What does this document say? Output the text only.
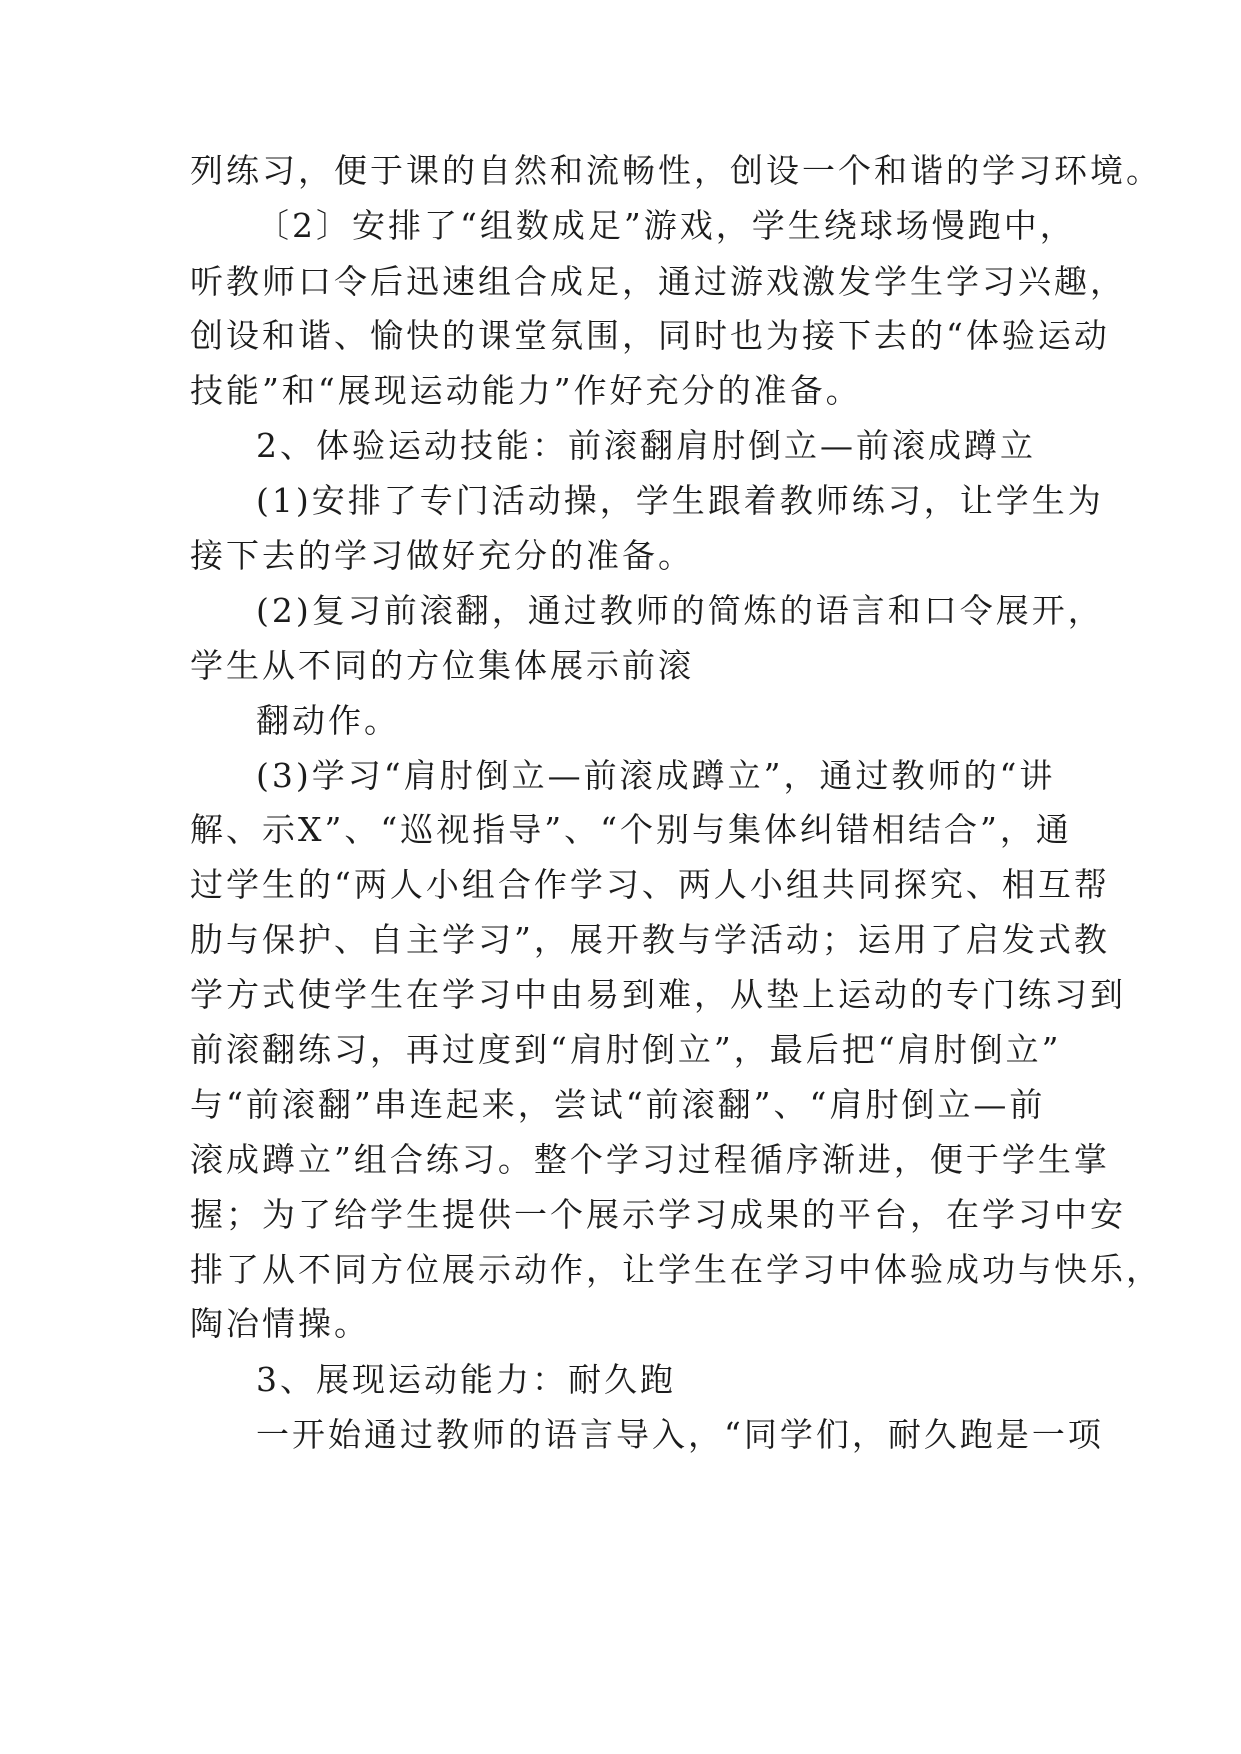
列练习，便于课的自然和流畅性，创设一个和谐的学习环境。
〔2〕安排了“组数成足”游戏，学生绕球场慢跑中，
听教师口令后迅速组合成足，通过游戏激发学生学习兴趣，
创设和谐、愉快的课堂氛围，同时也为接下去的“体验运动
技能”和“展现运动能力”作好充分的准备。
2、体验运动技能：前滚翻肩肘倒立—前滚成蹲立
(1)安排了专门活动操，学生跟着教师练习，让学生为
接下去的学习做好充分的准备。
(2)复习前滚翻，通过教师的简炼的语言和口令展开，
学生从不同的方位集体展示前滚
翻动作。
(3)学习“肩肘倒立—前滚成蹲立”，通过教师的“讲
解、示X”、“巡视指导”、“个别与集体纠错相结合”，通
过学生的“两人小组合作学习、两人小组共同探究、相互帮
肋与保护、自主学习”，展开教与学活动；运用了启发式教
学方式使学生在学习中由易到难，从垫上运动的专门练习到
前滚翻练习，再过度到“肩肘倒立”，最后把“肩肘倒立”
与“前滚翻”串连起来，尝试“前滚翻”、“肩肘倒立—前
滚成蹲立”组合练习。整个学习过程循序渐进，便于学生掌
握；为了给学生提供一个展示学习成果的平台，在学习中安
排了从不同方位展示动作，让学生在学习中体验成功与快乐，
陶冶情操。
3、展现运动能力：耐久跑
一开始通过教师的语言导入，“同学们，耐久跑是一项
